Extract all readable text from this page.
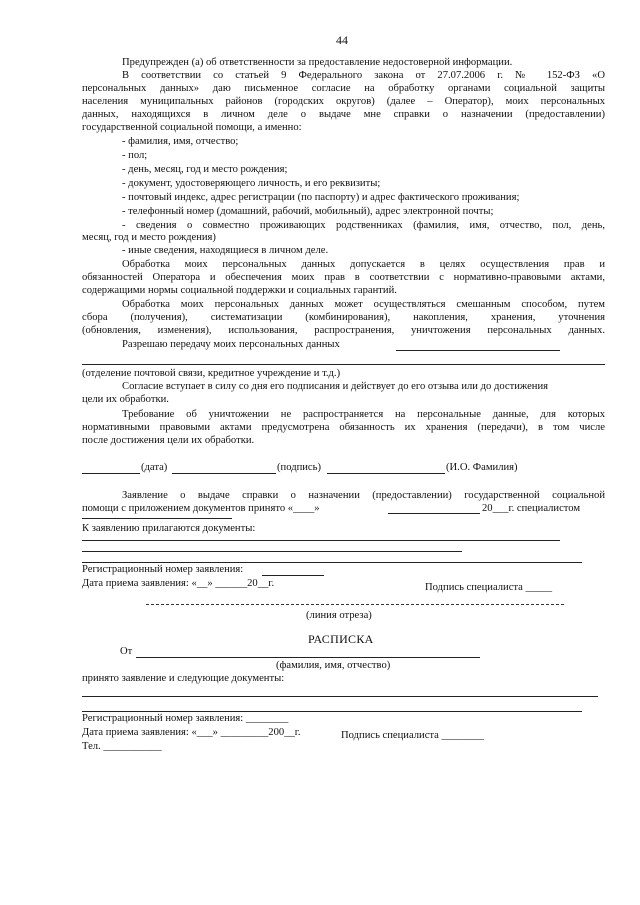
44
Предупрежден (а) об ответственности за предоставление недостоверной информации.
В соответствии со статьей 9 Федерального закона от 27.07.2006 г. № 152-ФЗ «О
персональных данных» даю письменное согласие на обработку органами социальной защиты
населения муниципальных районов (городских округов) (далее – Оператор), моих персональных
данных, находящихся в личном деле о выдаче мне справки о назначении (предоставлении)
государственной социальной помощи, а именно:
- фамилия, имя, отчество;
- пол;
- день, месяц, год и место рождения;
- документ, удостоверяющего личность, и его реквизиты;
- почтовый индекс, адрес регистрации (по паспорту) и адрес фактического проживания;
- телефонный номер (домашний, рабочий, мобильный), адрес электронной почты;
- сведения о совместно проживающих родственниках (фамилия, имя, отчество, пол, день,
месяц, год и место рождения)
- иные сведения, находящиеся в личном деле.
Обработка моих персональных данных допускается в целях осуществления прав и
обязанностей Оператора и обеспечения моих прав в соответствии с нормативно-правовыми актами,
содержащими нормы социальной поддержки и социальных гарантий.
Обработка моих персональных данных может осуществляться смешанным способом, путем
сбора (получения), систематизации (комбинирования), накопления, хранения, уточнения
(обновления, изменения), использования, распространения, уничтожения персональных данных.
Разрешаю передачу моих персональных данных
(отделение почтовой связи, кредитное учреждение и т.д.)
Согласие вступает в силу со дня его подписания и действует до его отзыва или до достижения
цели их обработки.
Требование об уничтожении не распространяется на персональные данные, для которых
нормативными правовыми актами предусмотрена обязанность их хранения (передачи), в том числе
после достижения цели их обработки.
(дата)	(подпись)	(И.О. Фамилия)
Заявление о выдаче справки о назначении (предоставлении) государственной социальной
помощи с приложением документов принято «____»	20___г. специалистом
К заявлению прилагаются документы:
Регистрационный номер заявления:
Дата приема заявления: «__» ______20__г.	Подпись специалиста _____
(линия отреза)
РАСПИСКА
От
(фамилия, имя, отчество)
принято заявление и следующие документы:
Регистрационный номер заявления: ________
Дата приема заявления: «___» _________200__г.	Подпись специалиста ________
Тел. ___________
